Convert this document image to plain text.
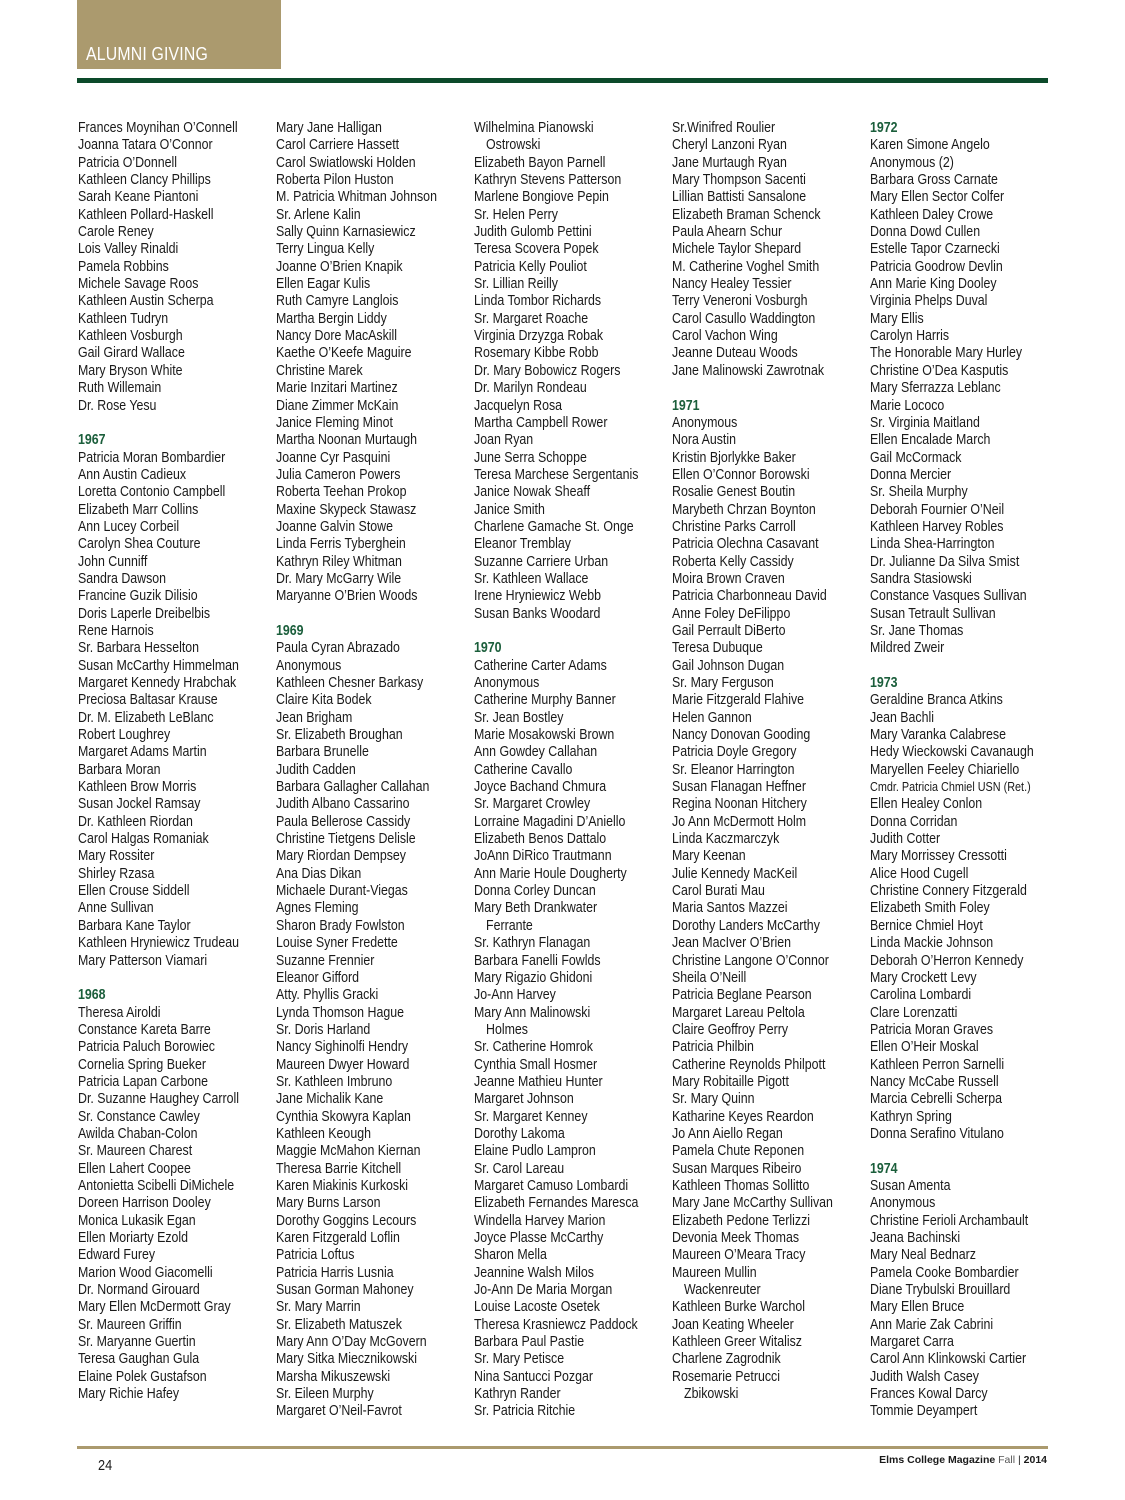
ALUMNI GIVING
Frances Moynihan O’Connell
Joanna Tatara O’Connor
Patricia O’Donnell
Kathleen Clancy Phillips
Sarah Keane Piantoni
Kathleen Pollard-Haskell
Carole Reney
Lois Valley Rinaldi
Pamela Robbins
Michele Savage Roos
Kathleen Austin Scherpa
Kathleen Tudryn
Kathleen Vosburgh
Gail Girard Wallace
Mary Bryson White
Ruth Willemain
Dr. Rose Yesu
1967
Patricia Moran Bombardier
Ann Austin Cadieux
Loretta Contonio Campbell
Elizabeth Marr Collins
Ann Lucey Corbeil
Carolyn Shea Couture
John Cunniff
Sandra Dawson
Francine Guzik Dilisio
Doris Laperle Dreibelbis
Rene Harnois
Sr. Barbara Hesselton
Susan McCarthy Himmelman
Margaret Kennedy Hrabchak
Preciosa Baltasar Krause
Dr. M. Elizabeth LeBlanc
Robert Loughrey
Margaret Adams Martin
Barbara Moran
Kathleen Brow Morris
Susan Jockel Ramsay
Dr. Kathleen Riordan
Carol Halgas Romaniak
Mary Rossiter
Shirley Rzasa
Ellen Crouse Siddell
Anne Sullivan
Barbara Kane Taylor
Kathleen Hryniewicz Trudeau
Mary Patterson Viamari
1968
Theresa Airoldi
Constance Kareta Barre
Patricia Paluch Borowiec
Cornelia Spring Bueker
Patricia Lapan Carbone
Dr. Suzanne Haughey Carroll
Sr. Constance Cawley
Awilda Chaban-Colon
Sr. Maureen Charest
Ellen Lahert Coopee
Antonietta Scibelli DiMichele
Doreen Harrison Dooley
Monica Lukasik Egan
Ellen Moriarty Ezold
Edward Furey
Marion Wood Giacomelli
Dr. Normand Girouard
Mary Ellen McDermott Gray
Sr. Maureen Griffin
Sr. Maryanne Guertin
Teresa Gaughan Gula
Elaine Polek Gustafson
Mary Richie Hafey
Mary Jane Halligan
Carol Carriere Hassett
Carol Swiatlowski Holden
Roberta Pilon Huston
M. Patricia Whitman Johnson
Sr. Arlene Kalin
Sally Quinn Karnasiewicz
Terry Lingua Kelly
Joanne O’Brien Knapik
Ellen Eagar Kulis
Ruth Camyre Langlois
Martha Bergin Liddy
Nancy Dore MacAskill
Kaethe O’Keefe Maguire
Christine Marek
Marie Inzitari Martinez
Diane Zimmer McKain
Janice Fleming Minot
Martha Noonan Murtaugh
Joanne Cyr Pasquini
Julia Cameron Powers
Roberta Teehan Prokop
Maxine Skypeck Stawasz
Joanne Galvin Stowe
Linda Ferris Tyberghein
Kathryn Riley Whitman
Dr. Mary McGarry Wile
Maryanne O’Brien Woods
1969
Paula Cyran Abrazado
Anonymous
Kathleen Chesner Barkasy
Claire Kita Bodek
Jean Brigham
Sr. Elizabeth Broughan
Barbara Brunelle
Judith Cadden
Barbara Gallagher Callahan
Judith Albano Cassarino
Paula Bellerose Cassidy
Christine Tietgens Delisle
Mary Riordan Dempsey
Ana Dias Dikan
Michaele Durant-Viegas
Agnes Fleming
Sharon Brady Fowlston
Louise Syner Fredette
Suzanne Frennier
Eleanor Gifford
Atty. Phyllis Gracki
Lynda Thomson Hague
Sr. Doris Harland
Nancy Sighinolfi Hendry
Maureen Dwyer Howard
Sr. Kathleen Imbruno
Jane Michalik Kane
Cynthia Skowyra Kaplan
Kathleen Keough
Maggie McMahon Kiernan
Theresa Barrie Kitchell
Karen Miakinis Kurkoski
Mary Burns Larson
Dorothy Goggins Lecours
Karen Fitzgerald Loflin
Patricia Loftus
Patricia Harris Lusnia
Susan Gorman Mahoney
Sr. Mary Marrin
Sr. Elizabeth Matuszek
Mary Ann O’Day McGovern
Mary Sitka Miecznikowski
Marsha Mikuszewski
Sr. Eileen Murphy
Margaret O’Neil-Favrot
Wilhelmina Pianowski
Ostrowski
Elizabeth Bayon Parnell
Kathryn Stevens Patterson
Marlene Bongiove Pepin
Sr. Helen Perry
Judith Gulomb Pettini
Teresa Scovera Popek
Patricia Kelly Pouliot
Sr. Lillian Reilly
Linda Tombor Richards
Sr. Margaret Roache
Virginia Drzyzga Robak
Rosemary Kibbe Robb
Dr. Mary Bobowicz Rogers
Dr. Marilyn Rondeau
Jacquelyn Rosa
Martha Campbell Rower
Joan Ryan
June Serra Schoppe
Teresa Marchese Sergentanis
Janice Nowak Sheaff
Janice Smith
Charlene Gamache St. Onge
Eleanor Tremblay
Suzanne Carriere Urban
Sr. Kathleen Wallace
Irene Hryniewicz Webb
Susan Banks Woodard
1970
Catherine Carter Adams
Anonymous
Catherine Murphy Banner
Sr. Jean Bostley
Marie Mosakowski Brown
Ann Gowdey Callahan
Catherine Cavallo
Joyce Bachand Chmura
Sr. Margaret Crowley
Lorraine Magadini D’Aniello
Elizabeth Benos Dattalo
JoAnn DiRico Trautmann
Ann Marie Houle Dougherty
Donna Corley Duncan
Mary Beth Drankwater
Ferrante
Sr. Kathryn Flanagan
Barbara Fanelli Fowlds
Mary Rigazio Ghidoni
Jo-Ann Harvey
Mary Ann Malinowski
Holmes
Sr. Catherine Homrok
Cynthia Small Hosmer
Jeanne Mathieu Hunter
Margaret Johnson
Sr. Margaret Kenney
Dorothy Lakoma
Elaine Pudlo Lampron
Sr. Carol Lareau
Margaret Camuso Lombardi
Elizabeth Fernandes Maresca
Windella Harvey Marion
Joyce Plasse McCarthy
Sharon Mella
Jeannine Walsh Milos
Jo-Ann De Maria Morgan
Louise Lacoste Osetek
Theresa Krasniewcz Paddock
Barbara Paul Pastie
Sr. Mary Petisce
Nina Santucci Pozgar
Kathryn Rander
Sr. Patricia Ritchie
Sr.Winifred Roulier
Cheryl Lanzoni Ryan
Jane Murtaugh Ryan
Mary Thompson Sacenti
Lillian Battisti Sansalone
Elizabeth Braman Schenck
Paula Ahearn Schur
Michele Taylor Shepard
M. Catherine Voghel Smith
Nancy Healey Tessier
Terry Veneroni Vosburgh
Carol Casullo Waddington
Carol Vachon Wing
Jeanne Duteau Woods
Jane Malinowski Zawrotnak
1971
Anonymous
Nora Austin
Kristin Bjorlykke Baker
Ellen O’Connor Borowski
Rosalie Genest Boutin
Marybeth Chrzan Boynton
Christine Parks Carroll
Patricia Olechna Casavant
Roberta Kelly Cassidy
Moira Brown Craven
Patricia Charbonneau David
Anne Foley DeFilippo
Gail Perrault DiBerto
Teresa Dubuque
Gail Johnson Dugan
Sr. Mary Ferguson
Marie Fitzgerald Flahive
Helen Gannon
Nancy Donovan Gooding
Patricia Doyle Gregory
Sr. Eleanor Harrington
Susan Flanagan Heffner
Regina Noonan Hitchery
Jo Ann McDermott Holm
Linda Kaczmarczyk
Mary Keenan
Julie Kennedy MacKeil
Carol Burati Mau
Maria Santos Mazzei
Dorothy Landers McCarthy
Jean MacIver O’Brien
Christine Langone O’Connor
Sheila O’Neill
Patricia Beglane Pearson
Margaret Lareau Peltola
Claire Geoffroy Perry
Patricia Philbin
Catherine Reynolds Philpott
Mary Robitaille Pigott
Sr. Mary Quinn
Katharine Keyes Reardon
Jo Ann Aiello Regan
Pamela Chute Reponen
Susan Marques Ribeiro
Kathleen Thomas Sollitto
Mary Jane McCarthy Sullivan
Elizabeth Pedone Terlizzi
Devonia Meek Thomas
Maureen O’Meara Tracy
Maureen Mullin
Wackenreuter
Kathleen Burke Warchol
Joan Keating Wheeler
Kathleen Greer Witalisz
Charlene Zagrodnik
Rosemarie Petrucci
Zbikowski
1972
Karen Simone Angelo
Anonymous (2)
Barbara Gross Carnate
Mary Ellen Sector Colfer
Kathleen Daley Crowe
Donna Dowd Cullen
Estelle Tapor Czarnecki
Patricia Goodrow Devlin
Ann Marie King Dooley
Virginia Phelps Duval
Mary Ellis
Carolyn Harris
The Honorable Mary Hurley
Christine O’Dea Kasputis
Mary Sferrazza Leblanc
Marie Lococo
Sr. Virginia Maitland
Ellen Encalade March
Gail McCormack
Donna Mercier
Sr. Sheila Murphy
Deborah Fournier O’Neil
Kathleen Harvey Robles
Linda Shea-Harrington
Dr. Julianne Da Silva Smist
Sandra Stasiowski
Constance Vasques Sullivan
Susan Tetrault Sullivan
Sr. Jane Thomas
Mildred Zweir
1973
Geraldine Branca Atkins
Jean Bachli
Mary Varanka Calabrese
Hedy Wieckowski Cavanaugh
Maryellen Feeley Chiariello
Cmdr. Patricia Chmiel USN (Ret.)
Ellen Healey Conlon
Donna Corridan
Judith Cotter
Mary Morrissey Cressotti
Alice Hood Cugell
Christine Connery Fitzgerald
Elizabeth Smith Foley
Bernice Chmiel Hoyt
Linda Mackie Johnson
Deborah O’Herron Kennedy
Mary Crockett Levy
Carolina Lombardi
Clare Lorenzatti
Patricia Moran Graves
Ellen O’Heir Moskal
Kathleen Perron Sarnelli
Nancy McCabe Russell
Marcia Cebrelli Scherpa
Kathryn Spring
Donna Serafino Vitulano
1974
Susan Amenta
Anonymous
Christine Ferioli Archambault
Jeana Bachinski
Mary Neal Bednarz
Pamela Cooke Bombardier
Diane Trybulski Brouillard
Mary Ellen Bruce
Ann Marie Zak Cabrini
Margaret Carra
Carol Ann Klinkowski Cartier
Judith Walsh Casey
Frances Kowal Darcy
Tommie Deyampert
24	Elms College Magazine Fall | 2014
